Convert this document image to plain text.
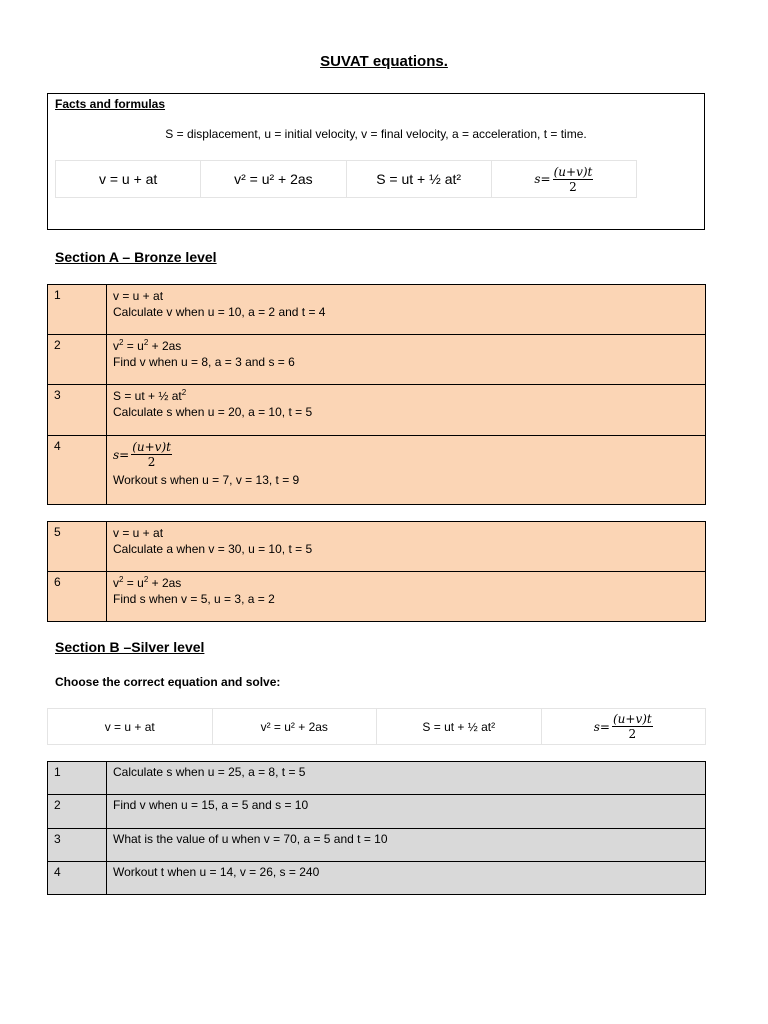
SUVAT equations.
Facts and formulas
S = displacement, u = initial velocity, v = final velocity, a = acceleration, t = time.
v = u + at	v² = u² + 2as	S = ut + ½ at²	$s= \frac{(u+v)t}{2}$
Section A – Bronze level
1	v = u + at
Calculate v when u = 10, a = 2 and t = 4

2	$v^2 = u^2 + 2as$
Find v when u = 8, a = 3 and s = 6

3	S = ut + ½ $at^2$
Calculate s when u = 20, a = 10, t = 5

4	$s= \frac{(u+v)t}{2}$
Workout s when u = 7, v = 13, t = 9
5	v = u + at
Calculate a when v = 30, u = 10, t = 5

6	$v^2 = u^2 + 2as$
Find s when v = 5, u = 3, a = 2
Section B –Silver level
Choose the correct equation and solve:
v = u + at	v² = u² + 2as	S = ut + ½ at²	$s= \frac{(u+v)t}{2}$
1	Calculate s when u = 25, a = 8, t = 5
2	Find v when u = 15, a = 5 and s = 10
3	What is the value of u when v = 70, a = 5 and t = 10
4	Workout t when u = 14, v = 26, s = 240
